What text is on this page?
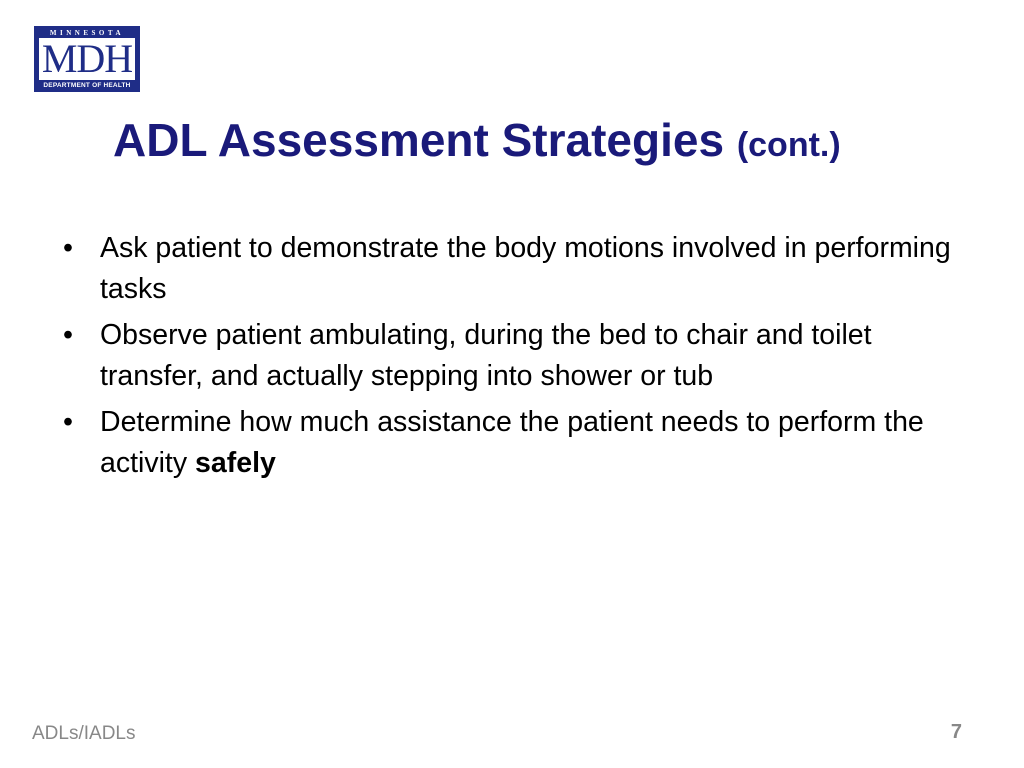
MINNESOTA
MDH
DEPARTMENT OF HEALTH
ADL Assessment Strategies (cont.)
• Ask patient to demonstrate the body motions involved in performing tasks
• Observe patient ambulating, during the bed to chair and toilet transfer, and actually stepping into shower or tub
• Determine how much assistance the patient needs to perform the activity safely
ADLs/IADLs	7
